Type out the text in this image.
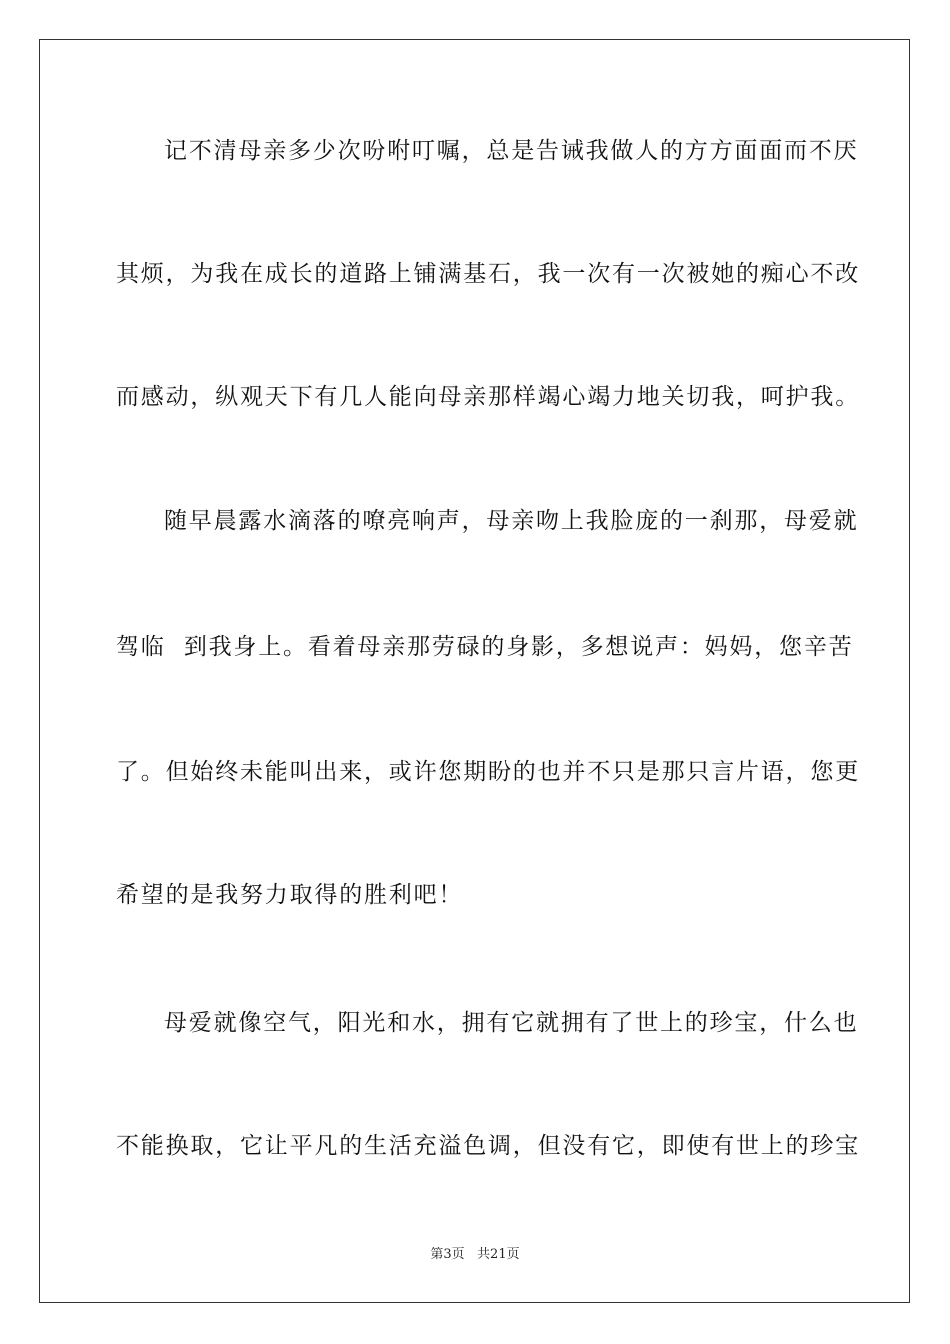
记不清母亲多少次吩咐叮嘱，总是告诫我做人的方方面面而不厌
其烦，为我在成长的道路上铺满基石，我一次有一次被她的痴心不改
而感动，纵观天下有几人能向母亲那样竭心竭力地关切我，呵护我。
随早晨露水滴落的嘹亮响声，母亲吻上我脸庞的一刹那，母爱就
驾临  到我身上。看着母亲那劳碌的身影，多想说声：妈妈，您辛苦
了。但始终未能叫出来，或许您期盼的也并不只是那只言片语，您更
希望的是我努力取得的胜利吧！
母爱就像空气，阳光和水，拥有它就拥有了世上的珍宝，什么也
不能换取，它让平凡的生活充溢色调，但没有它，即使有世上的珍宝
第3页   共21页
